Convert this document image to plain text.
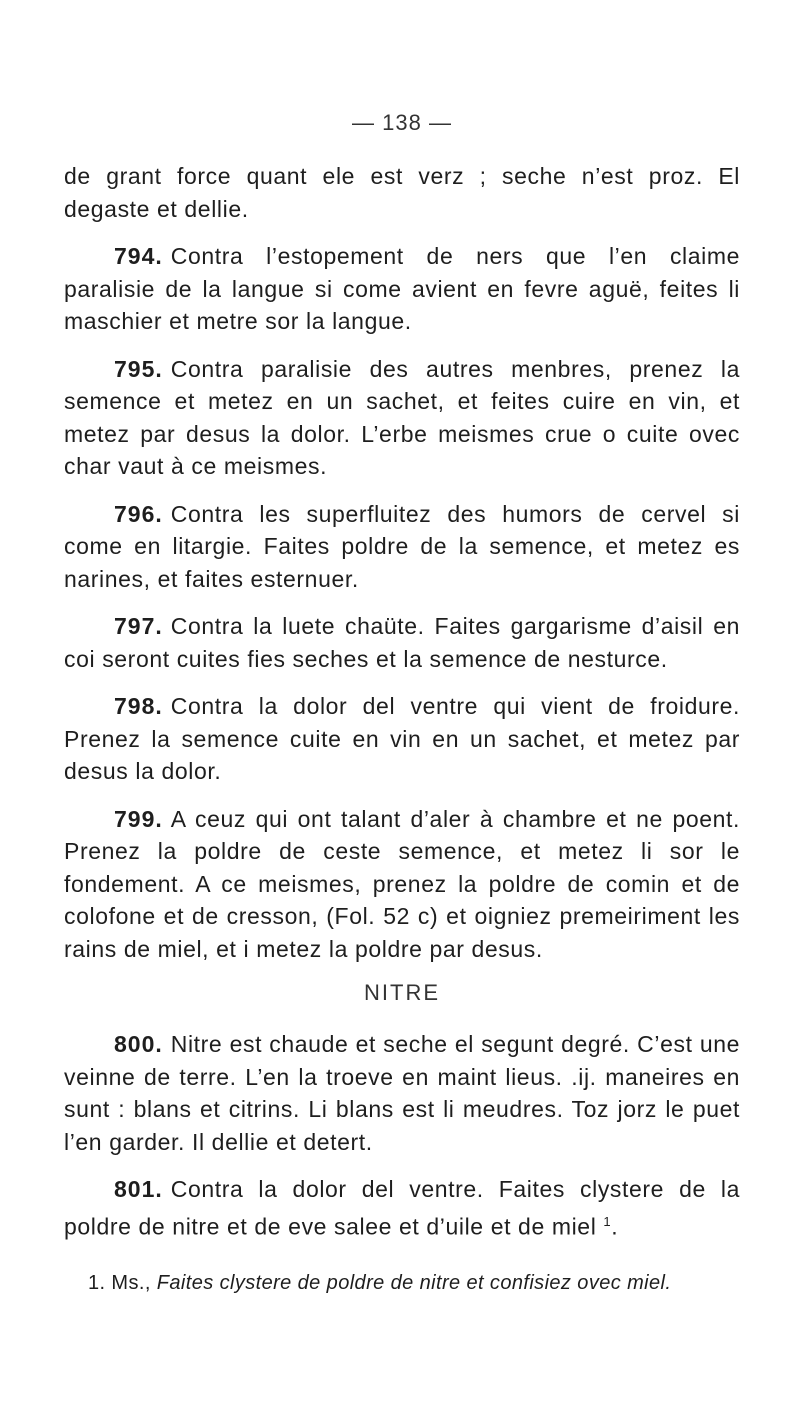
— 138 —

de grant force quant ele est verz ; seche n’est proz. El degaste et dellie.

794. Contra l’estopement de ners que l’en claime paralisie de la langue si come avient en fevre aguë, feites li maschier et metre sor la langue.

795. Contra paralisie des autres menbres, prenez la semence et metez en un sachet, et feites cuire en vin, et metez par desus la dolor. L’erbe meismes crue o cuite ovec char vaut à ce meismes.

796. Contra les superfluitez des humors de cervel si come en litargie. Faites poldre de la semence, et metez es narines, et faites esternuer.

797. Contra la luete chaüte. Faites gargarisme d’aisil en coi seront cuites fies seches et la semence de nesturce.

798. Contra la dolor del ventre qui vient de froidure. Prenez la semence cuite en vin en un sachet, et metez par desus la dolor.

799. A ceuz qui ont talant d’aler à chambre et ne poent. Prenez la poldre de ceste semence, et metez li sor le fondement. A ce meismes, prenez la poldre de comin et de colofone et de cresson, (Fol. 52 c) et oigniez premeiriment les rains de miel, et i metez la poldre par desus.

NITRE

800. Nitre est chaude et seche el segunt degré. C’est une veinne de terre. L’en la troeve en maint lieus. .ij. maneires en sunt : blans et citrins. Li blans est li meudres. Toz jorz le puet l’en garder. Il dellie et detert.

801. Contra la dolor del ventre. Faites clystere de la poldre de nitre et de eve salee et d’uile et de miel $^1$.

1. Ms., Faites clystere de poldre de nitre et confisiez ovec miel.
